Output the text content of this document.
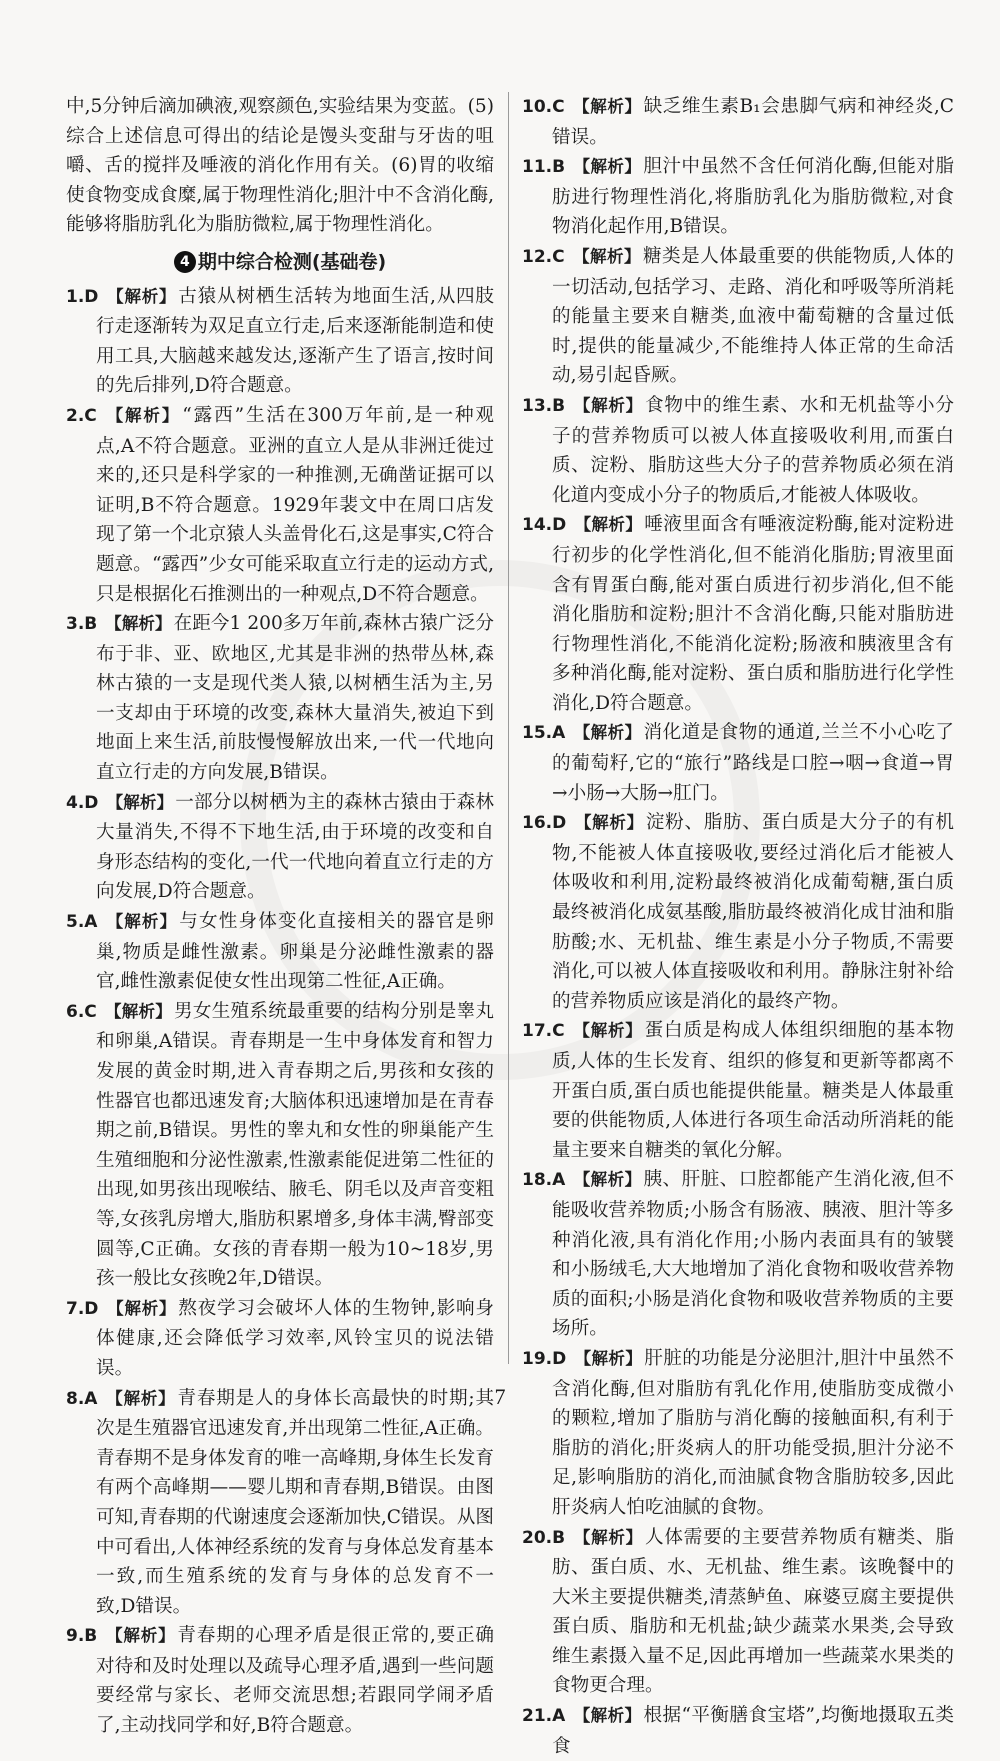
中,5分钟后滴加碘液,观察颜色,实验结果为变蓝。(5)综合上述信息可得出的结论是馒头变甜与牙齿的咀嚼、舌的搅拌及唾液的消化作用有关。(6)胃的收缩使食物变成食糜,属于物理性消化;胆汁中不含消化酶,能够将脂肪乳化为脂肪微粒,属于物理性消化。

4 期中综合检测(基础卷)

1.D 【 解析 】 古猿从树栖生活转为地面生活,从四肢行走逐渐转为双足直立行走,后来逐渐能制造和使用工具,大脑越来越发达,逐渐产生了语言,按时间的先后排列,D符合题意。

2.C 【 解析 】 “露西”生活在300万年前,是一种观点,A不符合题意。亚洲的直立人是从非洲迁徙过来的,还只是科学家的一种推测,无确凿证据可以证明,B不符合题意。1929年裴文中在周口店发现了第一个北京猿人头盖骨化石,这是事实,C符合题意。“露西”少女可能采取直立行走的运动方式,只是根据化石推测出的一种观点,D不符合题意。

3.B 【 解析 】 在距今1 200多万年前,森林古猿广泛分布于非、亚、欧地区,尤其是非洲的热带丛林,森林古猿的一支是现代类人猿,以树栖生活为主,另一支却由于环境的改变,森林大量消失,被迫下到地面上来生活,前肢慢慢解放出来,一代一代地向直立行走的方向发展,B错误。

4.D 【 解析 】 一部分以树栖为主的森林古猿由于森林大量消失,不得不下地生活,由于环境的改变和自身形态结构的变化,一代一代地向着直立行走的方向发展,D符合题意。

5.A 【 解析 】 与女性身体变化直接相关的器官是卵巢,物质是雌性激素。卵巢是分泌雌性激素的器官,雌性激素促使女性出现第二性征,A正确。

6.C 【 解析 】 男女生殖系统最重要的结构分别是睾丸和卵巢,A错误。青春期是一生中身体发育和智力发展的黄金时期,进入青春期之后,男孩和女孩的性器官也都迅速发育;大脑体积迅速增加是在青春期之前,B错误。男性的睾丸和女性的卵巢能产生生殖细胞和分泌性激素,性激素能促进第二性征的出现,如男孩出现喉结、腋毛、阴毛以及声音变粗等,女孩乳房增大,脂肪积累增多,身体丰满,臀部变圆等,C正确。女孩的青春期一般为10~18岁,男孩一般比女孩晚2年,D错误。

7.D 【 解析 】 熬夜学习会破坏人体的生物钟,影响身体健康,还会降低学习效率,风铃宝贝的说法错误。

8.A 【 解析 】 青春期是人的身体长高最快的时期;其次是生殖器官迅速发育,并出现第二性征,A正确。青春期不是身体发育的唯一高峰期,身体生长发育有两个高峰期——婴儿期和青春期,B错误。由图可知,青春期的代谢速度会逐渐加快,C错误。从图中可看出,人体神经系统的发育与身体总发育基本一致,而生殖系统的发育与身体的总发育不一致,D错误。

9.B 【 解析 】 青春期的心理矛盾是很正常的,要正确对待和及时处理以及疏导心理矛盾,遇到一些问题要经常与家长、老师交流思想;若跟同学闹矛盾了,主动找同学和好,B符合题意。

10.C 【 解析 】 缺乏维生素B₁会患脚气病和神经炎,C错误。

11.B 【 解析 】 胆汁中虽然不含任何消化酶,但能对脂肪进行物理性消化,将脂肪乳化为脂肪微粒,对食物消化起作用,B错误。

12.C 【 解析 】 糖类是人体最重要的供能物质,人体的一切活动,包括学习、走路、消化和呼吸等所消耗的能量主要来自糖类,血液中葡萄糖的含量过低时,提供的能量减少,不能维持人体正常的生命活动,易引起昏厥。

13.B 【 解析 】 食物中的维生素、水和无机盐等小分子的营养物质可以被人体直接吸收利用,而蛋白质、淀粉、脂肪这些大分子的营养物质必须在消化道内变成小分子的物质后,才能被人体吸收。

14.D 【 解析 】 唾液里面含有唾液淀粉酶,能对淀粉进行初步的化学性消化,但不能消化脂肪;胃液里面含有胃蛋白酶,能对蛋白质进行初步消化,但不能消化脂肪和淀粉;胆汁不含消化酶,只能对脂肪进行物理性消化,不能消化淀粉;肠液和胰液里含有多种消化酶,能对淀粉、蛋白质和脂肪进行化学性消化,D符合题意。

15.A 【 解析 】 消化道是食物的通道,兰兰不小心吃了的葡萄籽,它的“旅行”路线是口腔→咽→食道→胃→小肠→大肠→肛门。

16.D 【 解析 】 淀粉、脂肪、蛋白质是大分子的有机物,不能被人体直接吸收,要经过消化后才能被人体吸收和利用,淀粉最终被消化成葡萄糖,蛋白质最终被消化成氨基酸,脂肪最终被消化成甘油和脂肪酸;水、无机盐、维生素是小分子物质,不需要消化,可以被人体直接吸收和利用。静脉注射补给的营养物质应该是消化的最终产物。

17.C 【 解析 】 蛋白质是构成人体组织细胞的基本物质,人体的生长发育、组织的修复和更新等都离不开蛋白质,蛋白质也能提供能量。糖类是人体最重要的供能物质,人体进行各项生命活动所消耗的能量主要来自糖类的氧化分解。

18.A 【 解析 】 胰、肝脏、口腔都能产生消化液,但不能吸收营养物质;小肠含有肠液、胰液、胆汁等多种消化液,具有消化作用;小肠内表面具有的皱襞和小肠绒毛,大大地增加了消化食物和吸收营养物质的面积;小肠是消化食物和吸收营养物质的主要场所。

19.D 【 解析 】 肝脏的功能是分泌胆汁,胆汁中虽然不含消化酶,但对脂肪有乳化作用,使脂肪变成微小的颗粒,增加了脂肪与消化酶的接触面积,有利于脂肪的消化;肝炎病人的肝功能受损,胆汁分泌不足,影响脂肪的消化,而油腻食物含脂肪较多,因此肝炎病人怕吃油腻的食物。

20.B 【 解析 】 人体需要的主要营养物质有糖类、脂肪、蛋白质、水、无机盐、维生素。该晚餐中的大米主要提供糖类,清蒸鲈鱼、麻婆豆腐主要提供蛋白质、脂肪和无机盐;缺少蔬菜水果类,会导致维生素摄入量不足,因此再增加一些蔬菜水果类的食物更合理。

21.A 【 解析 】 根据“平衡膳食宝塔”,均衡地摄取五类食

7
